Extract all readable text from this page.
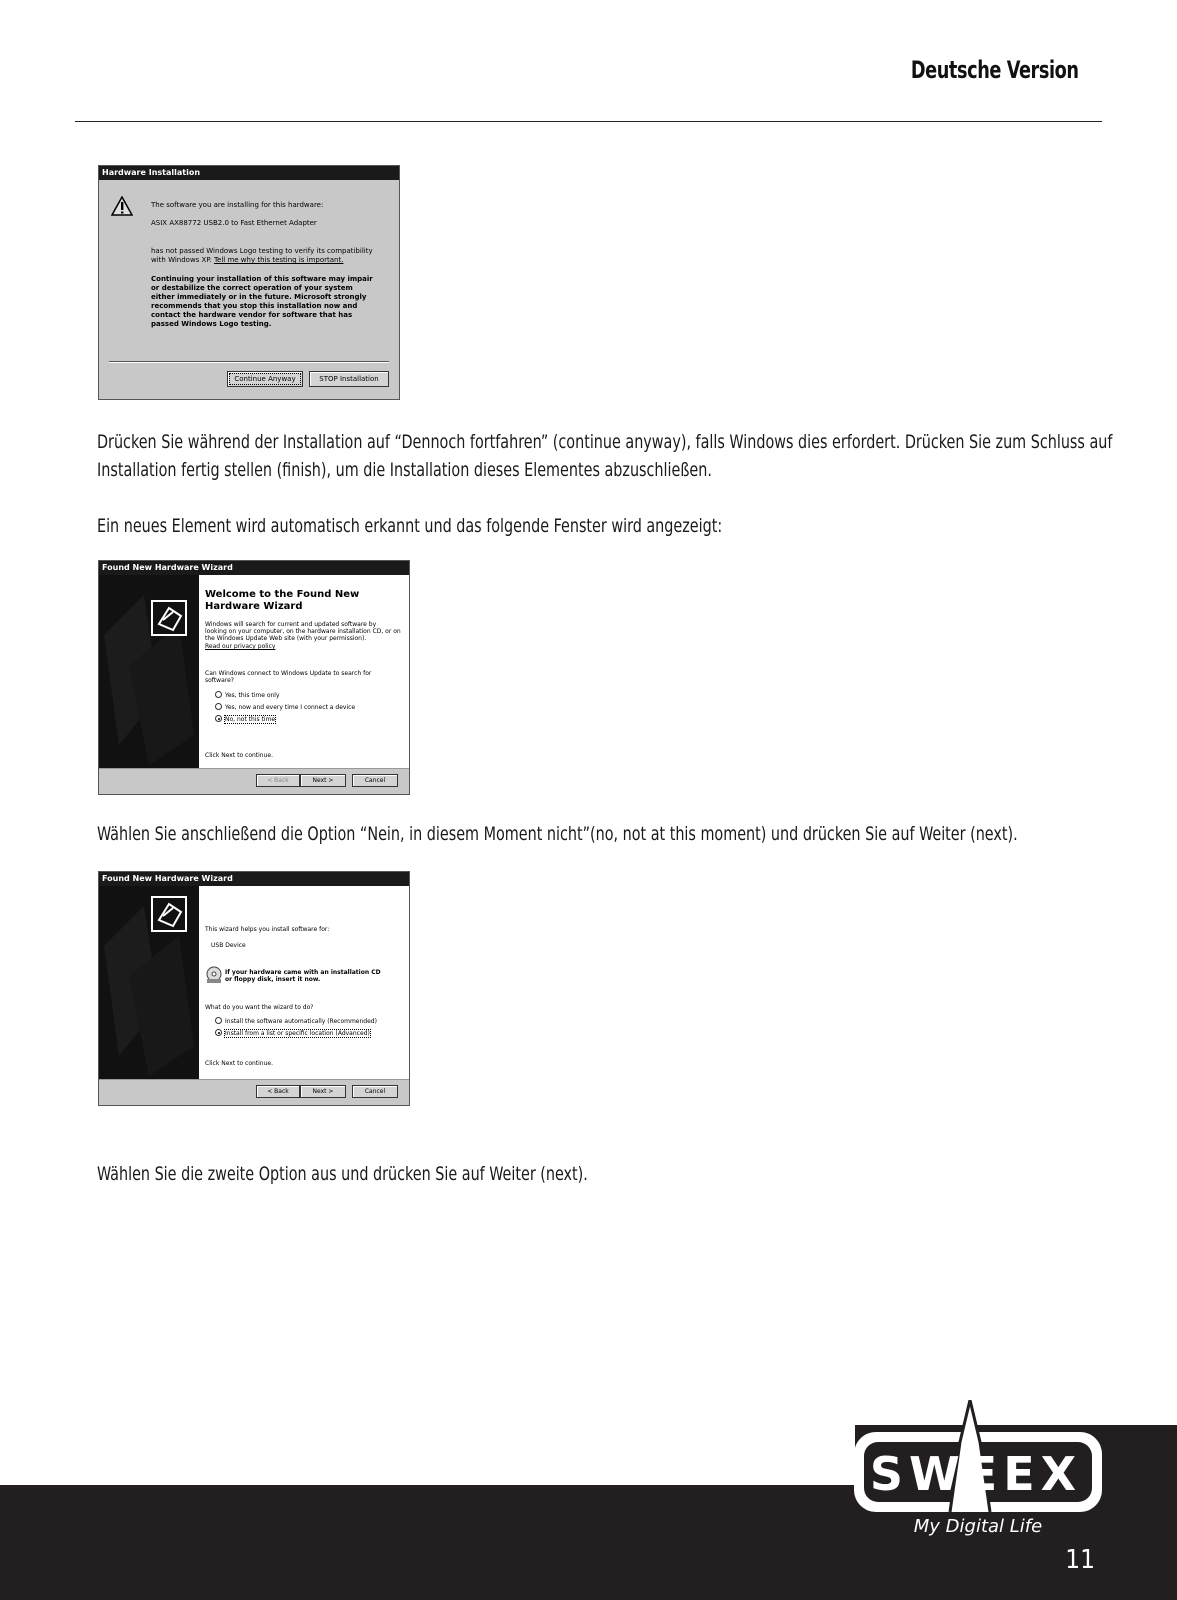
Deutsche Version
Hardware Installation
The software you are installing for this hardware:
ASIX AX88772 USB2.0 to Fast Ethernet Adapter
has not passed Windows Logo testing to verify its compatibility
with Windows XP. Tell me why this testing is important.
Continuing your installation of this software may impair
or destabilize the correct operation of your system
either immediately or in the future. Microsoft strongly
recommends that you stop this installation now and
contact the hardware vendor for software that has
passed Windows Logo testing.
Continue Anyway	STOP Installation
Drücken Sie während der Installation auf “Dennoch fortfahren” (continue anyway), falls Windows dies erfordert. Drücken Sie zum Schluss auf Installation fertig stellen (finish), um die Installation dieses Elementes abzuschließen.
Ein neues Element wird automatisch erkannt und das folgende Fenster wird angezeigt:
Found New Hardware Wizard
Welcome to the Found New
Hardware Wizard
Windows will search for current and updated software by
looking on your computer, on the hardware installation CD, or on
the Windows Update Web site (with your permission).
Read our privacy policy
Can Windows connect to Windows Update to search for
software?
Yes, this time only
Yes, now and every time I connect a device
No, not this time
Click Next to continue.
< Back	Next >	Cancel
Wählen Sie anschließend die Option “Nein, in diesem Moment nicht”(no, not at this moment) und drücken Sie auf Weiter (next).
Found New Hardware Wizard
This wizard helps you install software for:
USB Device
If your hardware came with an installation CD
or floppy disk, insert it now.
What do you want the wizard to do?
Install the software automatically (Recommended)
Install from a list or specific location (Advanced)
Click Next to continue.
< Back	Next >	Cancel
Wählen Sie die zweite Option aus und drücken Sie auf Weiter (next).
SWEEX
My Digital Life
11
